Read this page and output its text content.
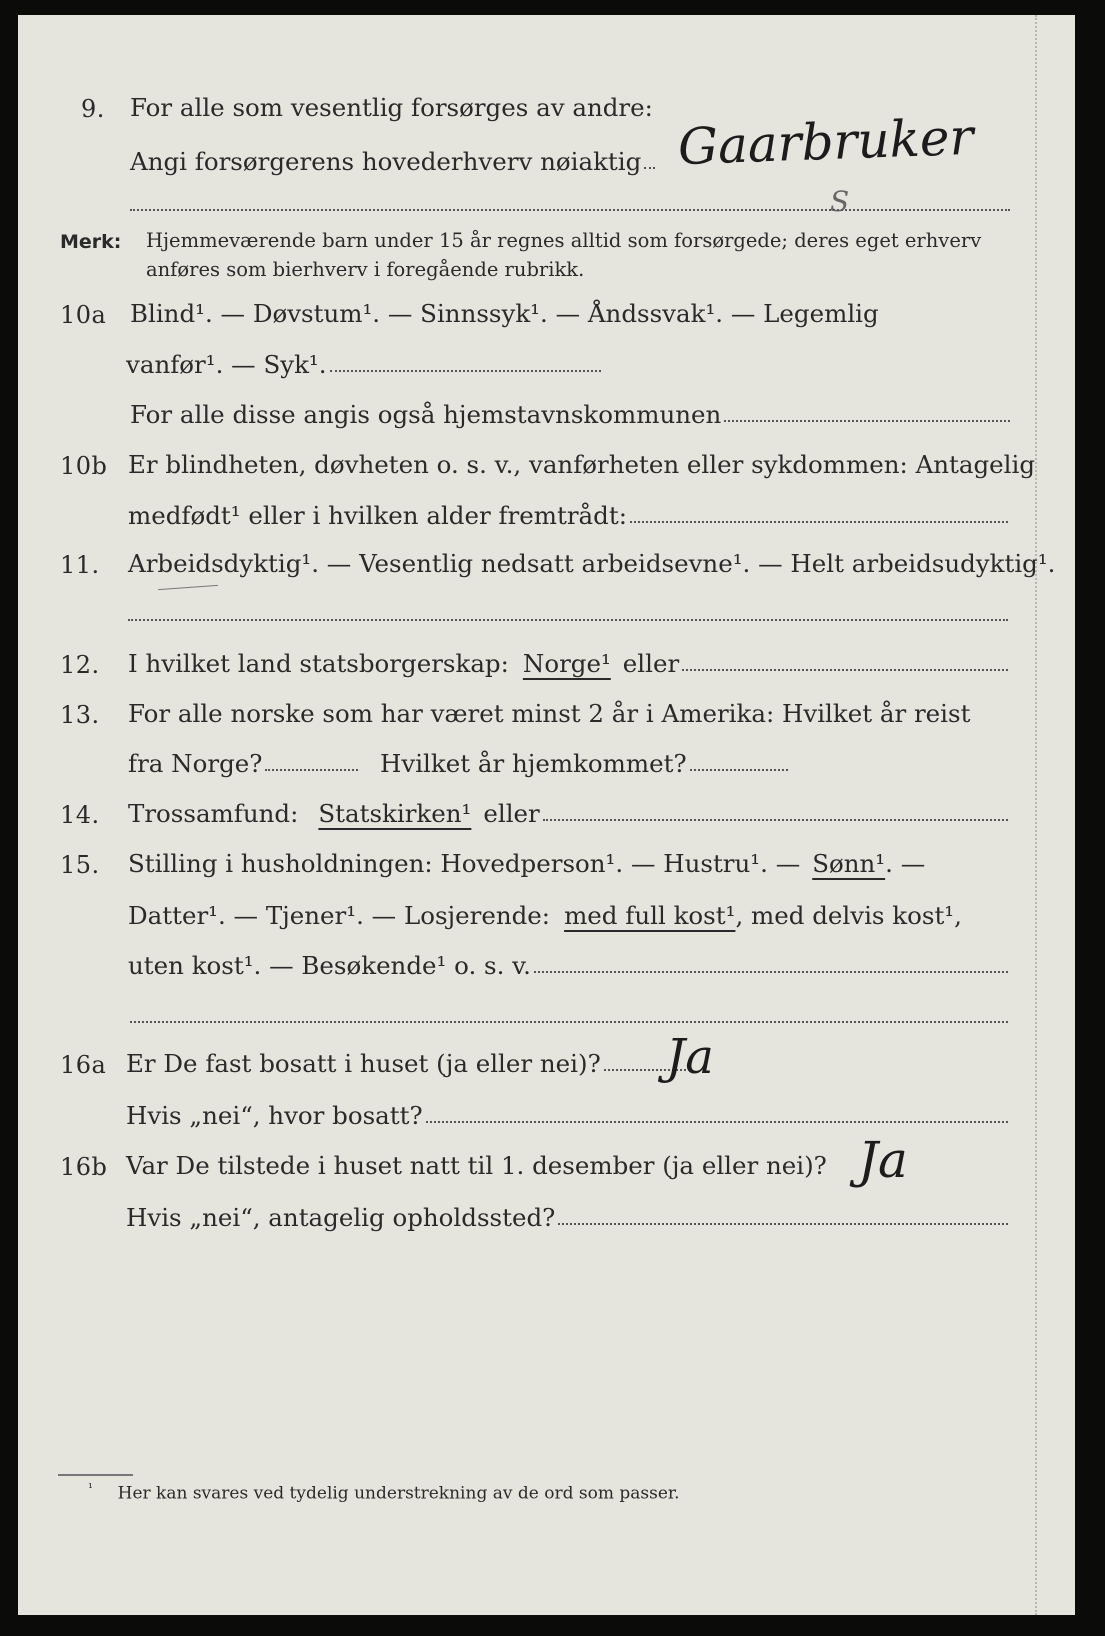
9. For alle som vesentlig forsørges av andre:
Angi forsørgerens hovederhverv nøiaktig Gaarbruker
S
Merk: Hjemmeværende barn under 15 år regnes alltid som forsørgede; deres eget erhverv
anføres som bierhverv i foregående rubrikk.
10a Blind¹. — Døvstum¹. — Sinnssyk¹. — Åndssvak¹. — Legemlig
vanfør¹. — Syk¹.
For alle disse angis også hjemstavnskommunen
10b Er blindheten, døvheten o. s. v., vanførheten eller sykdommen: Antagelig
medfødt¹ eller i hvilken alder fremtrådt:
11. Arbeidsdyktig¹. — Vesentlig nedsatt arbeidsevne¹. — Helt arbeidsudyktig¹.
12. I hvilket land statsborgerskap: Norge¹ eller
13. For alle norske som har været minst 2 år i Amerika: Hvilket år reist
fra Norge?	Hvilket år hjemkommet?
14. Trossamfund: Statskirken¹ eller
15. Stilling i husholdningen: Hovedperson¹. — Hustru¹. — Sønn¹ . —
Datter¹. — Tjener¹. — Losjerende: med full kost¹ , med delvis kost¹,
uten kost¹. — Besøkende¹ o. s. v.
16a Er De fast bosatt i huset (ja eller nei)? Ja
Hvis „nei“, hvor bosatt?
16b Var De tilstede i huset natt til 1. desember (ja eller nei)? Ja
Hvis „nei“, antagelig opholdssted?
$^{^1}$ Her kan svares ved tydelig understrekning av de ord som passer.
